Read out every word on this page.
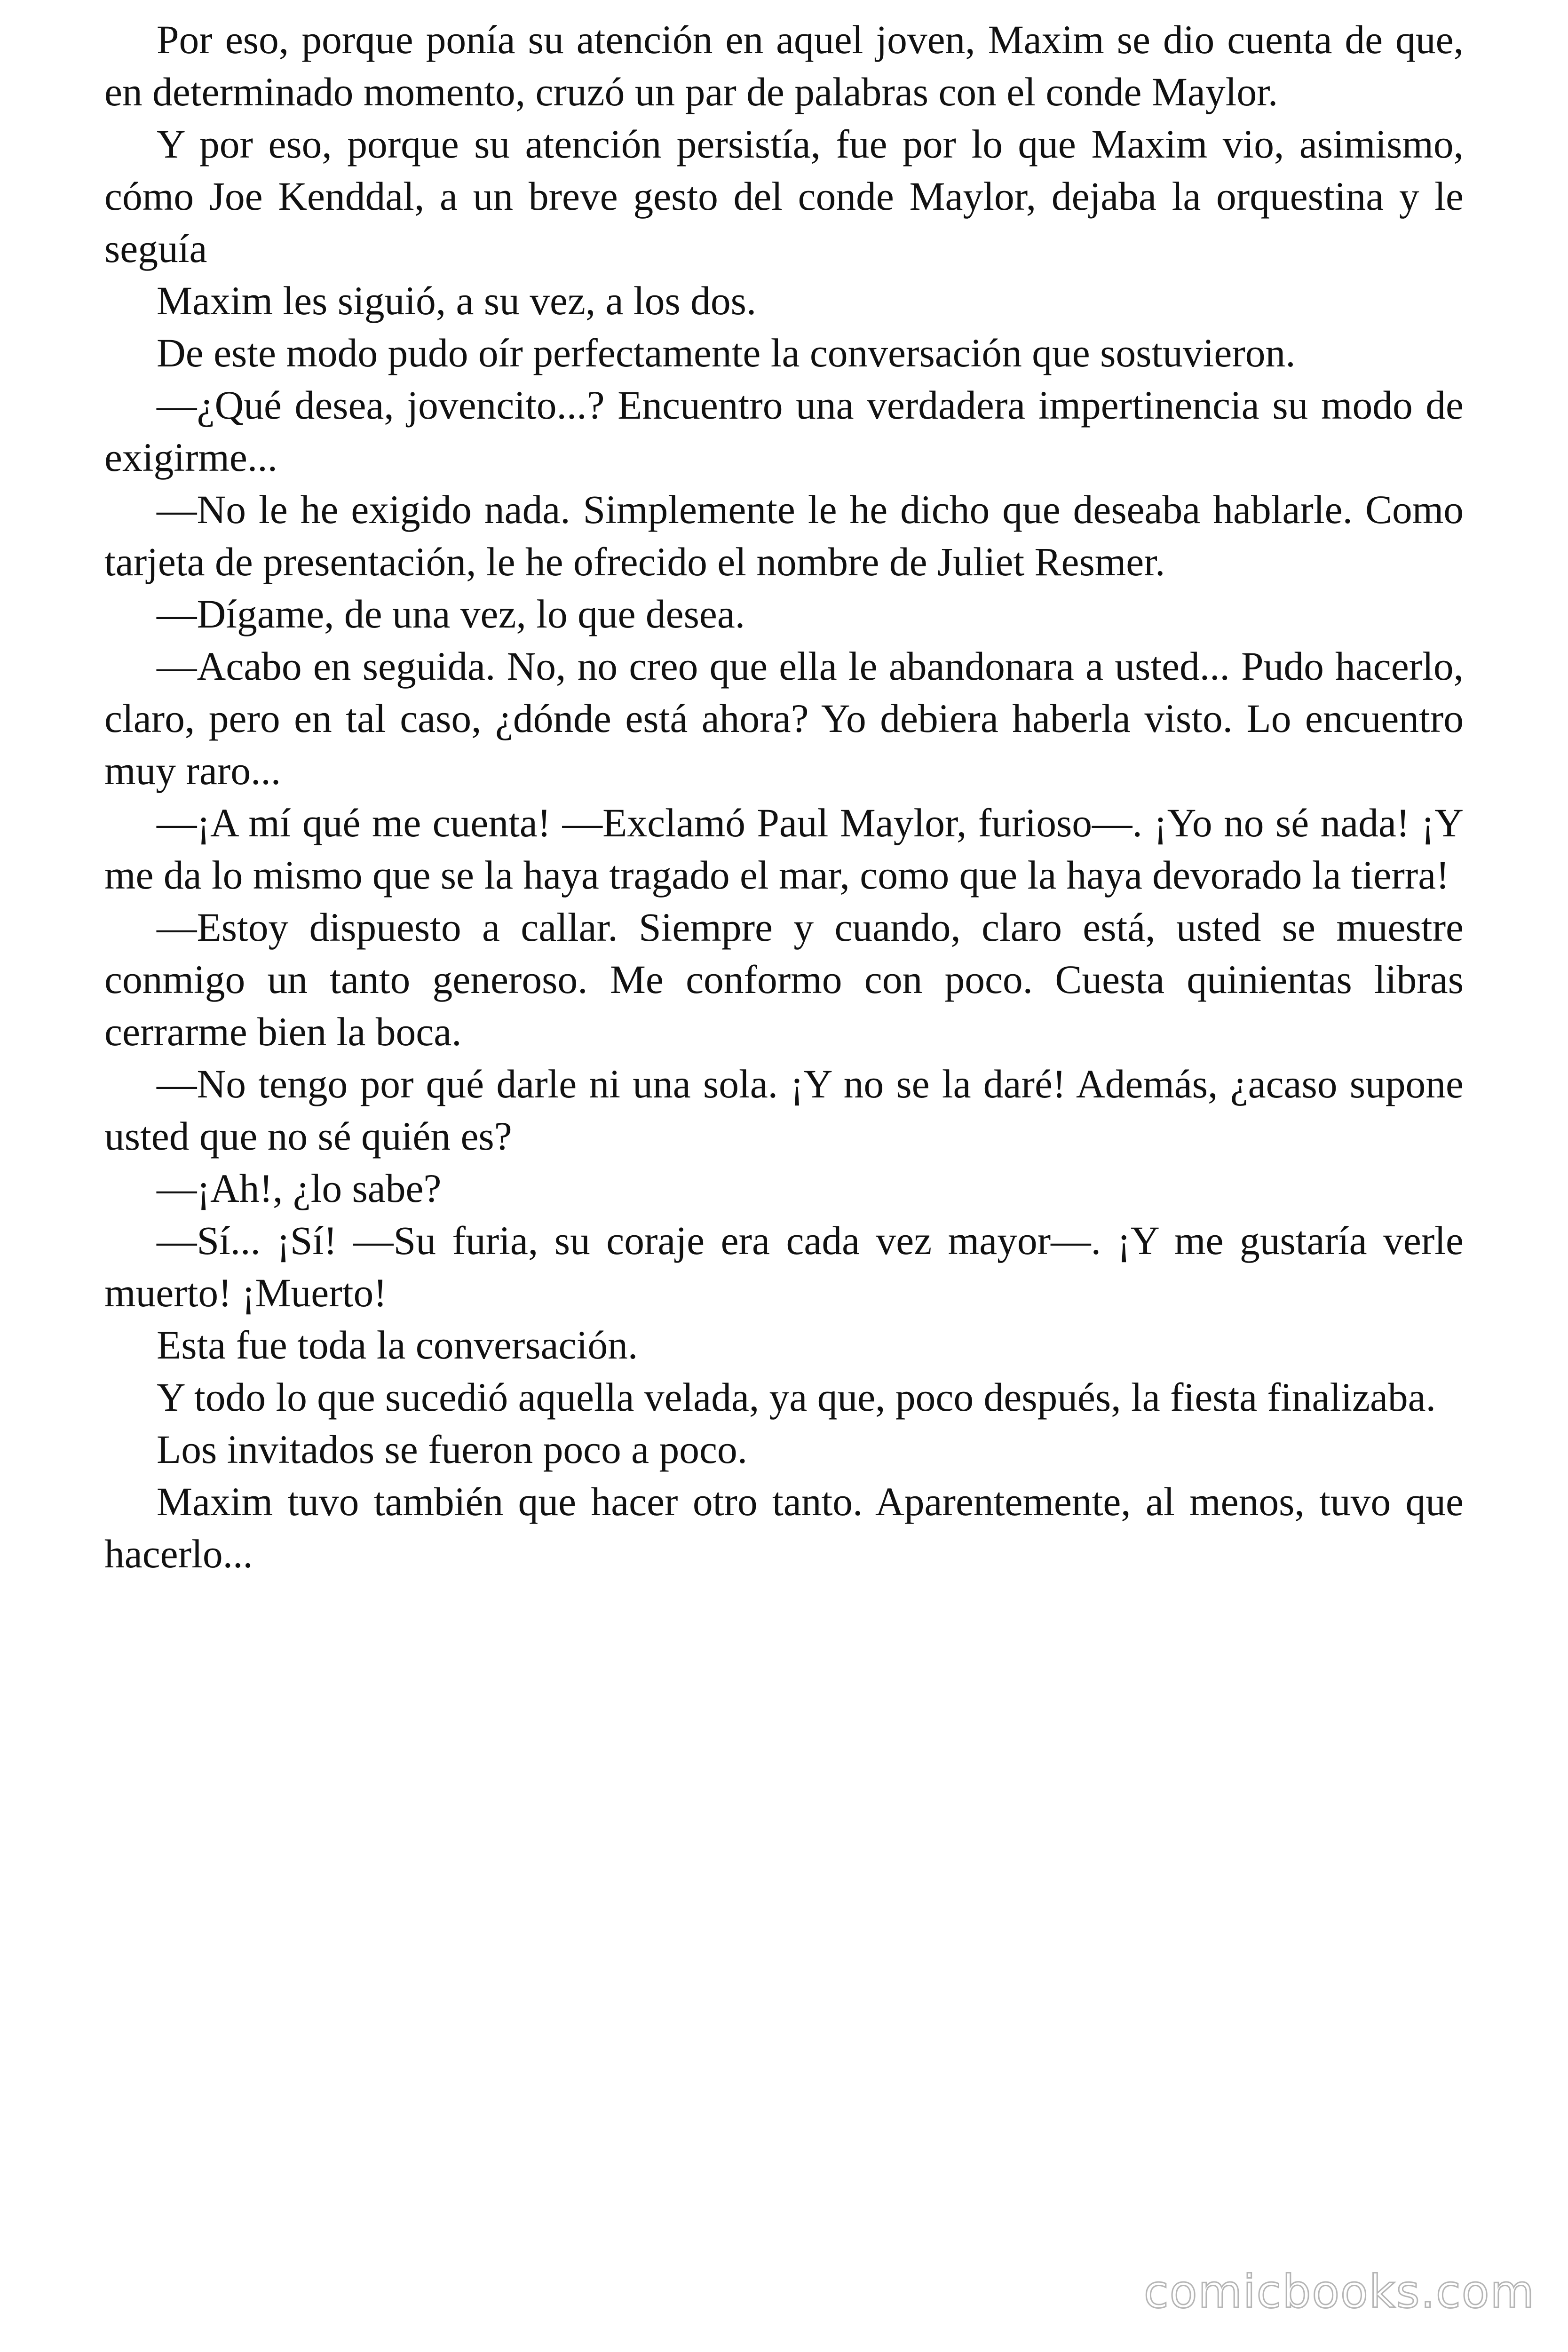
Por eso, porque ponía su atención en aquel joven, Maxim se dio cuenta de que, en determinado momento, cruzó un par de palabras con el conde Maylor.

Y por eso, porque su atención persistía, fue por lo que Maxim vio, asimismo, cómo Joe Kenddal, a un breve gesto del conde Maylor, dejaba la orquestina y le seguía

Maxim les siguió, a su vez, a los dos.

De este modo pudo oír perfectamente la conversación que sostuvieron.

—¿Qué desea, jovencito...? Encuentro una verdadera impertinencia su modo de exigirme...

—No le he exigido nada. Simplemente le he dicho que deseaba hablarle. Como tarjeta de presentación, le he ofrecido el nombre de Juliet Resmer.

—Dígame, de una vez, lo que desea.

—Acabo en seguida. No, no creo que ella le abandonara a usted... Pudo hacerlo, claro, pero en tal caso, ¿dónde está ahora? Yo debiera haberla visto. Lo encuentro muy raro...

—¡A mí qué me cuenta! —Exclamó Paul Maylor, furioso—. ¡Yo no sé nada! ¡Y me da lo mismo que se la haya tragado el mar, como que la haya devorado la tierra!

—Estoy dispuesto a callar. Siempre y cuando, claro está, usted se muestre conmigo un tanto generoso. Me conformo con poco. Cuesta quinientas libras cerrarme bien la boca.

—No tengo por qué darle ni una sola. ¡Y no se la daré! Además, ¿acaso supone usted que no sé quién es?

—¡Ah!, ¿lo sabe?

—Sí... ¡Sí! —Su furia, su coraje era cada vez mayor—. ¡Y me gustaría verle muerto! ¡Muerto!

Esta fue toda la conversación.

Y todo lo que sucedió aquella velada, ya que, poco después, la fiesta finalizaba.

Los invitados se fueron poco a poco.

Maxim tuvo también que hacer otro tanto. Aparentemente, al menos, tuvo que hacerlo...

comicbooks.com
